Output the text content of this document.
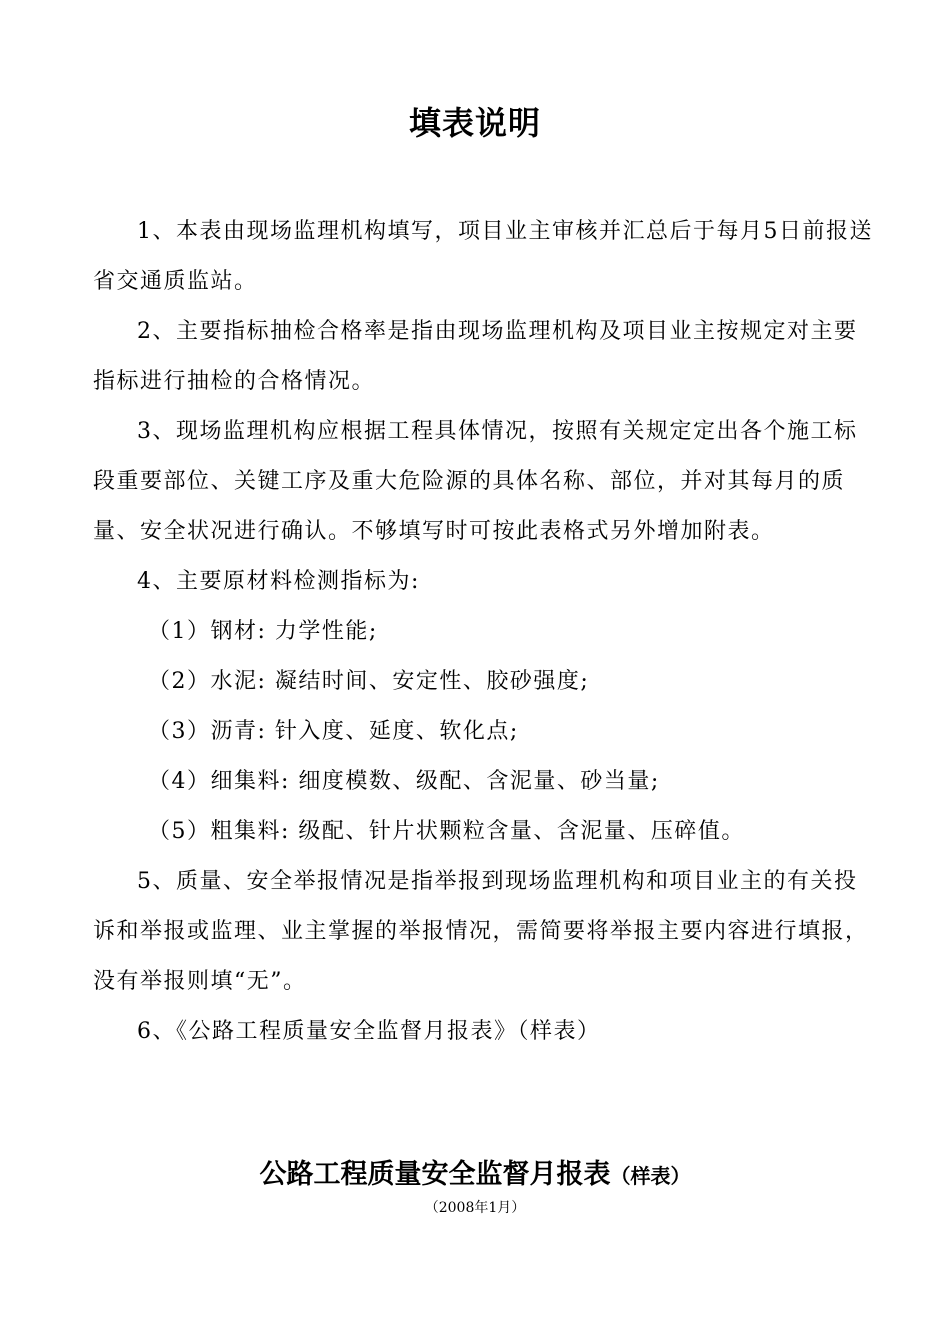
填表说明

1、本表由现场监理机构填写，项目业主审核并汇总后于每月5日前报送省交通质监站。

2、主要指标抽检合格率是指由现场监理机构及项目业主按规定对主要指标进行抽检的合格情况。

3、现场监理机构应根据工程具体情况，按照有关规定定出各个施工标段重要部位、关键工序及重大危险源的具体名称、部位，并对其每月的质量、安全状况进行确认。不够填写时可按此表格式另外增加附表。

4、主要原材料检测指标为:

（1）钢材: 力学性能;

（2）水泥: 凝结时间、安定性、胶砂强度;

（3）沥青: 针入度、延度、软化点;

（4）细集料: 细度模数、级配、含泥量、砂当量;

（5）粗集料: 级配、针片状颗粒含量、含泥量、压碎值。

5、质量、安全举报情况是指举报到现场监理机构和项目业主的有关投诉和举报或监理、业主掌握的举报情况，需简要将举报主要内容进行填报，没有举报则填“无”。

6、《公路工程质量安全监督月报表》（样表）

公路工程质量安全监督月报表（样表）
（2008年1月）
